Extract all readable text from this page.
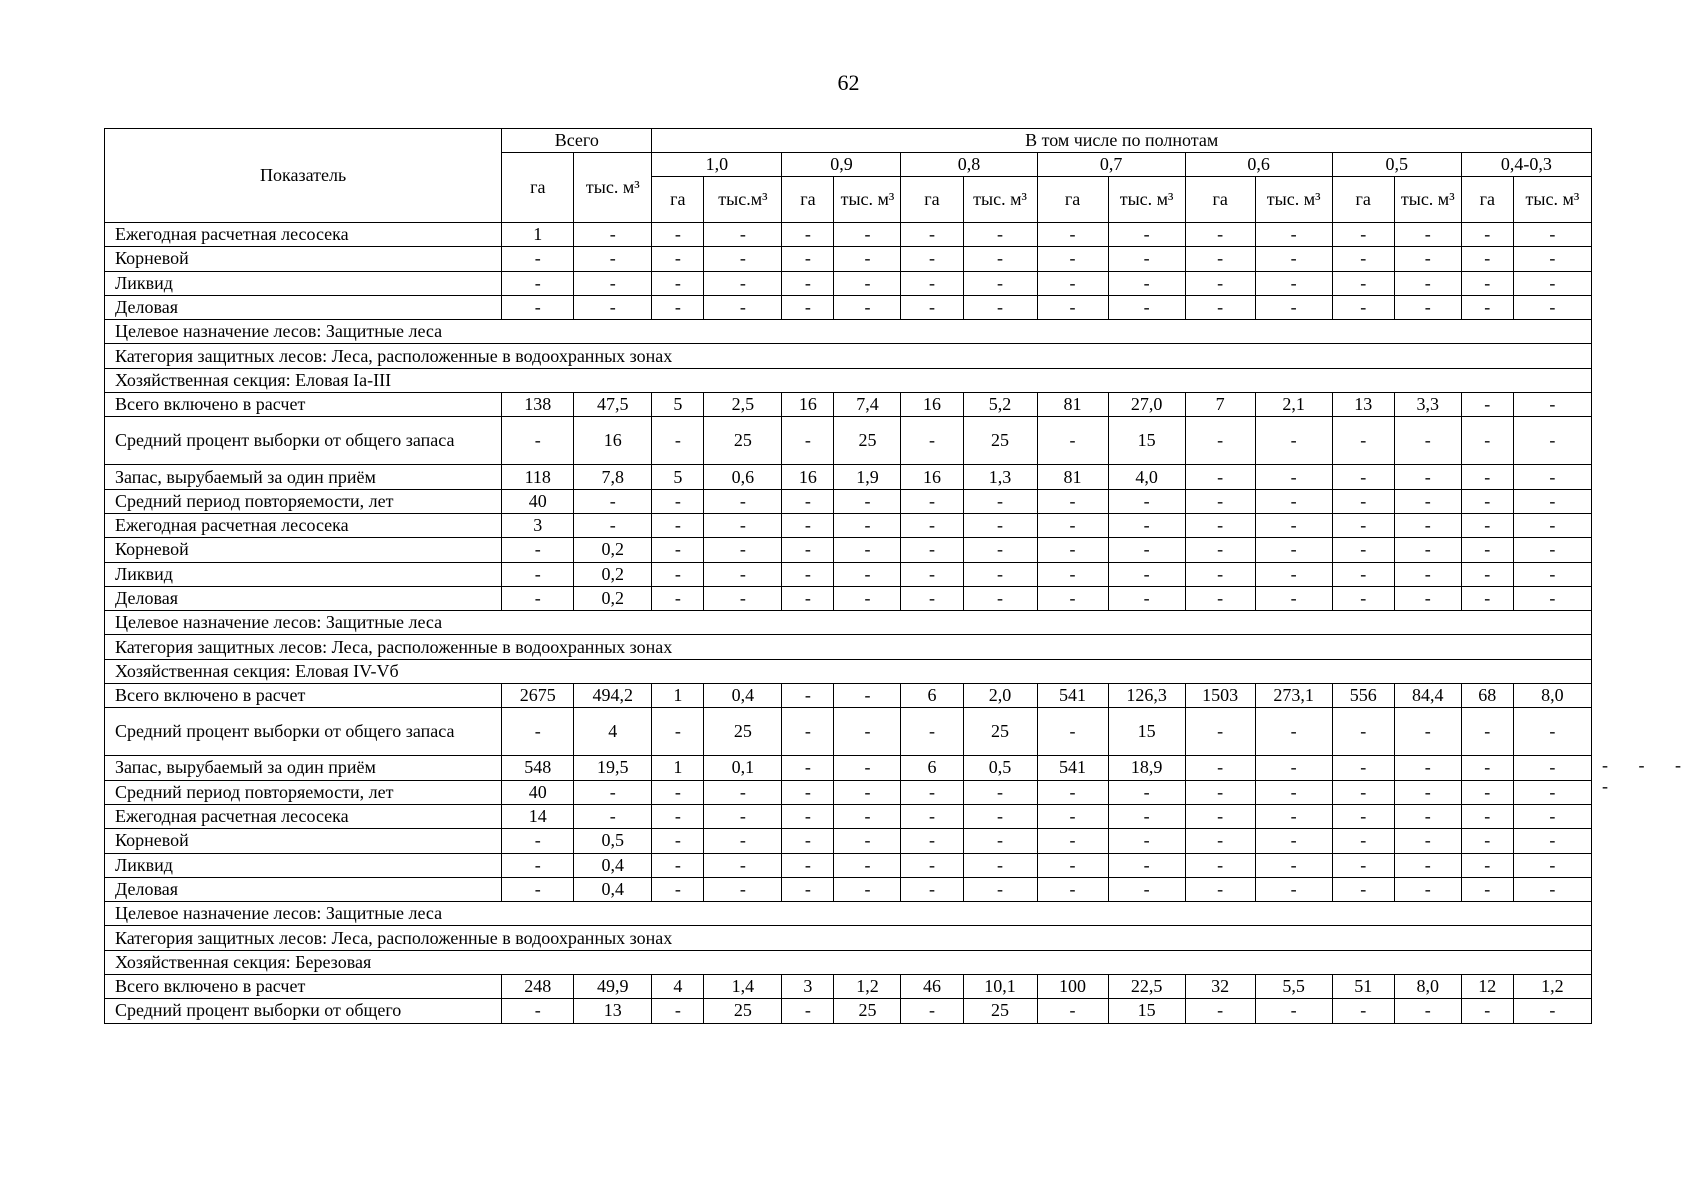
62
Показатель	Всего		В том числе по полнотам													
	га	тыс. м³	1,0		0,9		0,8		0,7		0,6		0,5		0,4-0,3	
			га	тыс.м³	га	тыс. м³	га	тыс. м³	га	тыс. м³	га	тыс. м³	га	тыс. м³	га	тыс. м³
Ежегодная расчетная лесосека	1	-	-	-	-	-	-	-	-	-	-	-	-	-	-	-
Корневой	-	-	-	-	-	-	-	-	-	-	-	-	-	-	-	-
Ликвид	-	-	-	-	-	-	-	-	-	-	-	-	-	-	-	-
Деловая	-	-	-	-	-	-	-	-	-	-	-	-	-	-	-	-
Целевое назначение лесов: Защитные леса																
Категория защитных лесов: Леса, расположенные в водоохранных зонах																
Хозяйственная секция: Еловая Iа-III																
Всего включено в расчет	138	47,5	5	2,5	16	7,4	16	5,2	81	27,0	7	2,1	13	3,3	-	-
Средний процент выборки от общего запаса	-	16	-	25	-	25	-	25	-	15	-	-	-	-	-	-
Запас, вырубаемый за один приём	118	7,8	5	0,6	16	1,9	16	1,3	81	4,0	-	-	-	-	-	-
Средний период повторяемости, лет	40	-	-	-	-	-	-	-	-	-	-	-	-	-	-	-
Ежегодная расчетная лесосека	3	-	-	-	-	-	-	-	-	-	-	-	-	-	-	-
Корневой	-	0,2	-	-	-	-	-	-	-	-	-	-	-	-	-	-
Ликвид	-	0,2	-	-	-	-	-	-	-	-	-	-	-	-	-	-
Деловая	-	0,2	-	-	-	-	-	-	-	-	-	-	-	-	-	-
Целевое назначение лесов: Защитные леса																
Категория защитных лесов: Леса, расположенные в водоохранных зонах																
Хозяйственная секция: Еловая IV-Vб																
Всего включено в расчет	2675	494,2	1	0,4	-	-	6	2,0	541	126,3	1503	273,1	556	84,4	68	8,0
Средний процент выборки от общего запаса	-	4	-	25	-	-	-	25	-	15	-	-	-	-	-	-
Запас, вырубаемый за один приём	548	19,5	1	0,1	-	-	6	0,5	541	18,9	-	-	-	-	-	-
Средний период повторяемости, лет	40	-	-	-	-	-	-	-	-	-	-	-	-	-	-	-
Ежегодная расчетная лесосека	14	-	-	-	-	-	-	-	-	-	-	-	-	-	-	-
Корневой	-	0,5	-	-	-	-	-	-	-	-	-	-	-	-	-	-
Ликвид	-	0,4	-	-	-	-	-	-	-	-	-	-	-	-	-	-
Деловая	-	0,4	-	-	-	-	-	-	-	-	-	-	-	-	-	-
Целевое назначение лесов: Защитные леса																
Категория защитных лесов: Леса, расположенные в водоохранных зонах																
Хозяйственная секция: Березовая																
Всего включено в расчет	248	49,9	4	1,4	3	1,2	46	10,1	100	22,5	32	5,5	51	8,0	12	1,2
Средний процент выборки от общего	-	13	-	25	-	25	-	25	-	15	-	-	-	-	-	-
- - - -
